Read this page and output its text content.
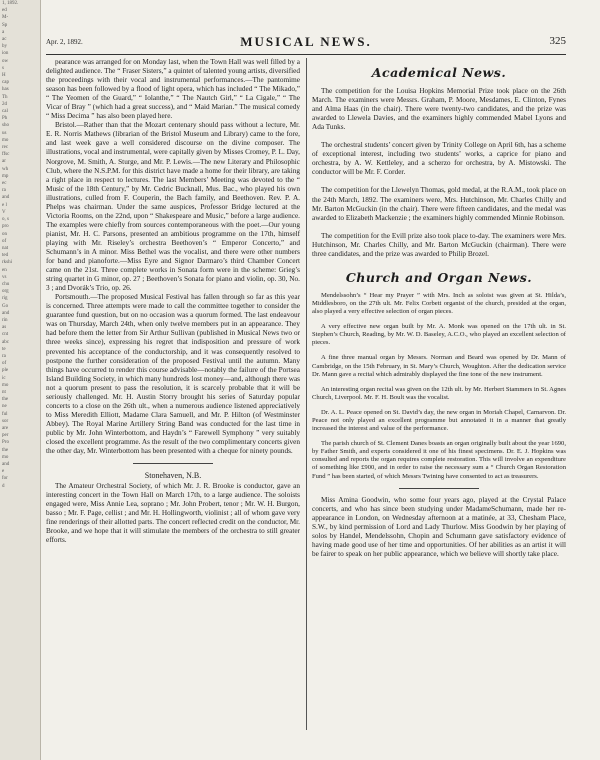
1, 1892.
ed
M-
Sp
a
ac
by
ion
ow
s
H
cap
has
Th
2d
cal
Ph
sho
us
mo
rec
ffsc
ar
wh
mp
ec
ra
and
e l
V
o, s
pro
on
of
nat
ted
rkshi
en
vs
chu
org
rig
Go
and
rin
as
cnt
abc
te
ra
of
ple
ic
mo
nt
the
ne
ful
sor
are
per
Pro
the
mo
and
e
for
d
Apr. 2, 1892.	MUSICAL NEWS.	325

pearance was arranged for on Monday last, when the Town Hall was well filled by a delighted audience. The “ Fraser Sisters,” a quintet of talented young artists, diversified the proceedings with their vocal and instrumental performances.—The pantomime season has been followed by a flood of light opera, which has included “ The Mikado,” “ The Yeomen of the Guard,” “ Iolanthe,” “ The Nautch Girl,” “ La Cigale,” “ The Vicar of Bray ” (which had a great success), and “ Maid Marian.” The musical comedy “ Miss Decima ” has also been played here.

Bristol.—Rather than that the Mozart centenary should pass without a lecture, Mr. E. R. Norris Mathews (librarian of the Bristol Museum and Library) came to the fore, and last week gave a well considered discourse on the divine composer. The illustrations, vocal and instrumental, were capitally given by Misses Cromey, P. L. Day, Norgrove, M. Smith, A. Sturge, and Mr. P. Lewis.—The new Literary and Philosophic Club, where the N.S.P.M. for this district have made a home for their library, are taking a right place in respect to lectures. The last Members’ Meeting was devoted to the “ Music of the 18th Century,” by Mr. Cedric Bucknall, Mus. Bac., who played his own illustrations, culled from F. Couperin, the Bach family, and Beethoven. Rev. P. A. Phelps was chairman. Under the same auspices, Professor Bridge lectured at the Victoria Rooms, on the 22nd, upon “ Shakespeare and Music,” before a large audience. The examples were chiefly from sources contemporaneous with the poet.—Our young pianist, Mr. H. C. Parsons, presented an ambitious programme on the 17th, himself playing with Mr. Riseley’s orchestra Beethoven’s “ Emperor Concerto,” and Schumann’s in A minor. Miss Bethel was the vocalist, and there were other numbers for band and pianoforte.—Miss Eyre and Signor Darmaro’s third Chamber Concert came on the 21st. Three complete works in Sonata form were in the scheme: Grieg’s string quartet in G minor, op. 27 ; Beethoven’s Sonata for piano and violin, op. 30, No. 3 ; and Dvorák’s Trio, op. 26.

Portsmouth.—The proposed Musical Festival has fallen through so far as this year is concerned. Three attempts were made to call the committee together to consider the guarantee fund question, but on no occasion was a quorum formed. The last endeavour was on Thursday, March 24th, when only twelve members put in an appearance. They had before them the letter from Sir Arthur Sullivan (published in Musical News two or three weeks since), expressing his regret that indisposition and pressure of work prevented his acceptance of the conductorship, and it was consequently resolved to postpone the further consideration of the proposed Festival until the autumn. Many things have occurred to render this course advisable—notably the failure of the Portsea Island Building Society, in which many hundreds lost money—and, although there was not a quorum present to pass the resolution, it is scarcely probable that it will be seriously challenged. Mr. H. Austin Storry brought his series of Saturday popular concerts to a close on the 26th ult., when a numerous audience listened appreciatively to Miss Meredith Elliott, Madame Clara Samuell, and Mr. P. Hilton (of Westminster Abbey). The Royal Marine Artillery String Band was conducted for the last time in public by Mr. John Winterbottom, and Haydn’s “ Farewell Symphony ” very suitably closed the excellent programme. As the result of the two complimentary concerts given the other day, Mr. Winterbottom has been presented with a cheque for ninety pounds.

Stonehaven, N.B.

The Amateur Orchestral Society, of which Mr. J. R. Brooke is conductor, gave an interesting concert in the Town Hall on March 17th, to a large audience. The soloists engaged were, Miss Annie Lea, soprano ; Mr. John Probert, tenor ; Mr. W. H. Burgon, basso ; Mr. F. Page, cellist ; and Mr. H. Hollingworth, violinist ; all of whom gave very fine renderings of their allotted parts. The concert reflected credit on the conductor, Mr. Brooke, and we hope that it will stimulate the members of the orchestra to still greater efforts.

Academical News.

The competition for the Louisa Hopkins Memorial Prize took place on the 26th March. The examiners were Messrs. Graham, P. Moore, Mesdames, E. Clinton, Fynes and Alma Haas (in the chair). There were twenty-two candidates, and the prize was awarded to Llewela Davies, and the examiners highly commended Mabel Lyons and Ada Tunks.

The orchestral students’ concert given by Trinity College on April 6th, has a scheme of exceptional interest, including two students’ works, a caprice for piano and orchestra, by A. W. Kettleley, and a scherzo for orchestra, by A. Mistowski. The conductor will be Mr. F. Corder.

The competition for the Llewelyn Thomas, gold medal, at the R.A.M., took place on the 24th March, 1892. The examiners were, Mrs. Hutchinson, Mr. Charles Chilly and Mr. Barton McGuckin (in the chair). There were fifteen candidates, and the medal was awarded to Elizabeth Mackenzie ; the examiners highly commended Minnie Robinson.

The competition for the Evill prize also took place to-day. The examiners were Mrs. Hutchinson, Mr. Charles Chilly, and Mr. Barton McGuckin (chairman). There were three candidates, and the prize was awarded to Philip Brozel.

Church and Organ News.

Mendelssohn’s “ Hear my Prayer ” with Mrs. Inch as soloist was given at St. Hilda’s, Middlesboro, on the 27th ult. Mr. Felix Corbett organist of the church, presided at the organ, also played a very effective selection of organ pieces.

A very effective new organ built by Mr. A. Monk was opened on the 17th ult. in St. Stephen’s Church, Reading, by Mr. W. D. Baseley, A.C.O., who played an excellent selection of pieces.

A fine three manual organ by Messrs. Norman and Beard was opened by Dr. Mann of Cambridge, on the 15th February, in St. Mary’s Church, Woughton. After the dedication service Dr. Mann gave a recital which admirably displayed the fine tone of the new instrument.

An interesting organ recital was given on the 12th ult. by Mr. Herbert Stammers in St. Agnes Church, Liverpool. Mr. F. H. Boult was the vocalist.

Dr. A. L. Peace opened on St. David’s day, the new organ in Moriah Chapel, Carnarvon. Dr. Peace not only played an excellent programme but annotated it in a manner that greatly increased the interest and value of the performance.

The parish church of St. Clement Danes boasts an organ originally built about the year 1690, by Father Smith, and experts considered it one of his finest specimens. Dr. E. J. Hopkins was consulted and reports the organ requires complete restoration. This will involve an expenditure of something like £900, and in order to raise the necessary sum a “ Church Organ Restoration Fund ” has been started, of which Messrs Twining have consented to act as treasurers.

Miss Amina Goodwin, who some four years ago, played at the Crystal Palace concerts, and who has since been studying under MadameSchumann, made her re-appearance in London, on Wednesday afternoon at a matinée, at 33, Chesham Place, S.W., by kind permission of Lord and Lady Thurlow. Miss Goodwin by her playing of solos by Handel, Mendelssohn, Chopin and Schumann gave satisfactory evidence of having made good use of her time and opportunities. Of her abilities as an artist it will be fairer to speak on her public appearance, which we believe will shortly take place.
